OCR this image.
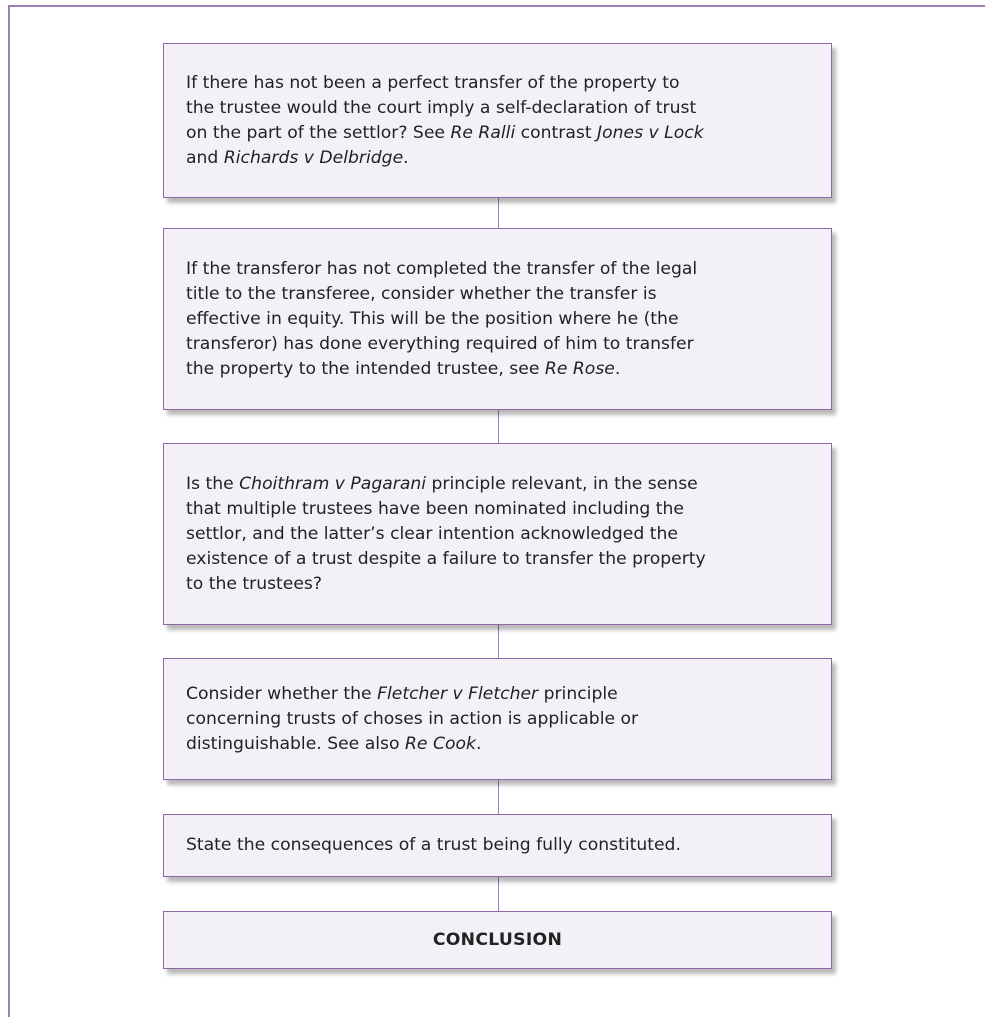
If there has not been a perfect transfer of the property to
the trustee would the court imply a self-declaration of trust
on the part of the settlor? See Re Ralli contrast Jones v Lock
and Richards v Delbridge.
If the transferor has not completed the transfer of the legal
title to the transferee, consider whether the transfer is
effective in equity. This will be the position where he (the
transferor) has done everything required of him to transfer
the property to the intended trustee, see Re Rose.
Is the Choithram v Pagarani principle relevant, in the sense
that multiple trustees have been nominated including the
settlor, and the latter’s clear intention acknowledged the
existence of a trust despite a failure to transfer the property
to the trustees?
Consider whether the Fletcher v Fletcher principle
concerning trusts of choses in action is applicable or
distinguishable. See also Re Cook.
State the consequences of a trust being fully constituted.
CONCLUSION
